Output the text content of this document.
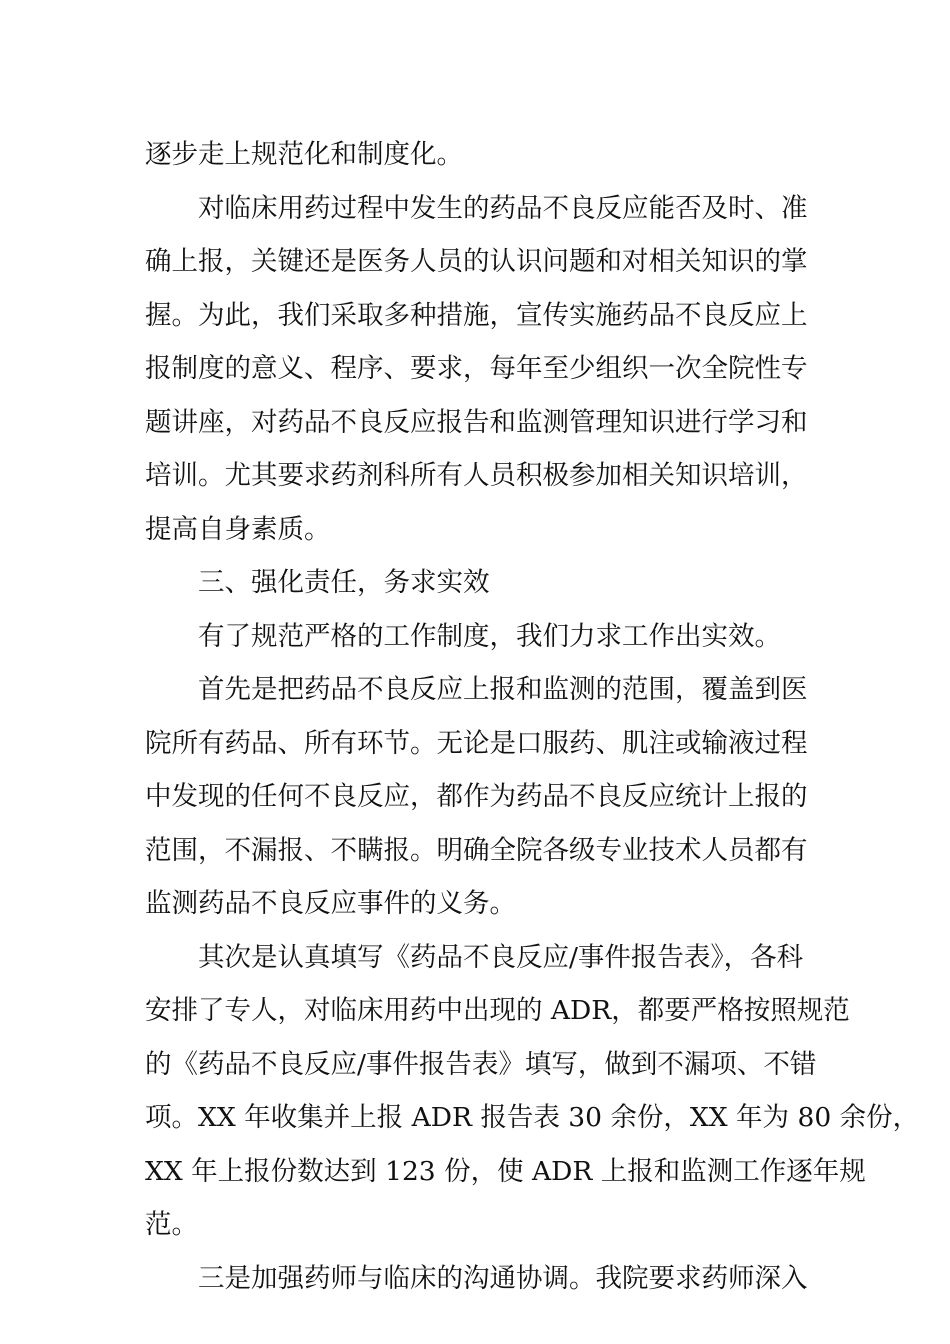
逐步走上规范化和制度化。
对临床用药过程中发生的药品不良反应能否及时、准
确上报，关键还是医务人员的认识问题和对相关知识的掌
握。为此，我们采取多种措施，宣传实施药品不良反应上
报制度的意义、程序、要求，每年至少组织一次全院性专
题讲座，对药品不良反应报告和监测管理知识进行学习和
培训。尤其要求药剂科所有人员积极参加相关知识培训，
提高自身素质。
三、强化责任，务求实效
有了规范严格的工作制度，我们力求工作出实效。
首先是把药品不良反应上报和监测的范围，覆盖到医
院所有药品、所有环节。无论是口服药、肌注或输液过程
中发现的任何不良反应，都作为药品不良反应统计上报的
范围，不漏报、不瞒报。明确全院各级专业技术人员都有
监测药品不良反应事件的义务。
其次是认真填写《药品不良反应/事件报告表》，各科
安排了专人，对临床用药中出现的 ADR，都要严格按照规范
的《药品不良反应/事件报告表》填写，做到不漏项、不错
项。XX 年收集并上报 ADR 报告表 30 余份，XX 年为 80 余份，
XX 年上报份数达到 123 份，使 ADR 上报和监测工作逐年规
范。
三是加强药师与临床的沟通协调。我院要求药师深入
